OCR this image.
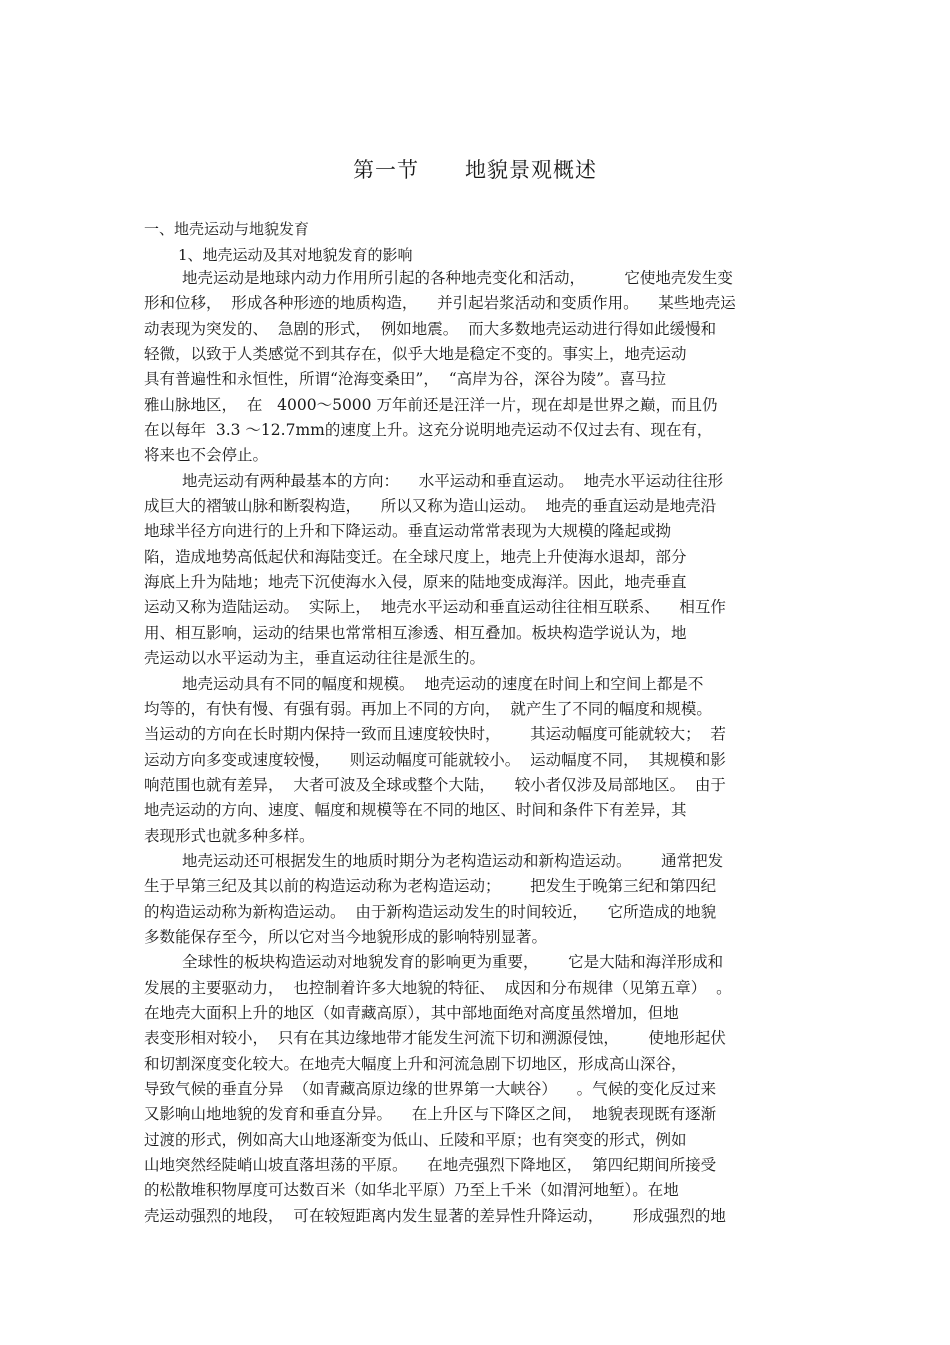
第一节      地貌景观概述
一、地壳运动与地貌发育
1、地壳运动及其对地貌发育的影响
地壳运动是地球内动力作用所引起的各种地壳变化和活动，        它使地壳发生变
形和位移，  形成各种形迹的地质构造，    并引起岩浆活动和变质作用。    某些地壳运
动表现为突发的、  急剧的形式，  例如地震。  而大多数地壳运动进行得如此缓慢和
轻微，以致于人类感觉不到其存在，似乎大地是稳定不变的。事实上，地壳运动
具有普遍性和永恒性，所谓“沧海变桑田”，  “高岸为谷，深谷为陵”。喜马拉
雅山脉地区，  在   4000～5000 万年前还是汪洋一片，现在却是世界之巅，而且仍
在以每年  3.3 ～12.7mm的速度上升。这充分说明地壳运动不仅过去有、现在有，
将来也不会停止。
地壳运动有两种最基本的方向：    水平运动和垂直运动。  地壳水平运动往往形
成巨大的褶皱山脉和断裂构造，    所以又称为造山运动。  地壳的垂直运动是地壳沿
地球半径方向进行的上升和下降运动。垂直运动常常表现为大规模的隆起或拗
陷，造成地势高低起伏和海陆变迁。在全球尺度上，地壳上升使海水退却，部分
海底上升为陆地；地壳下沉使海水入侵，原来的陆地变成海洋。因此，地壳垂直
运动又称为造陆运动。  实际上，  地壳水平运动和垂直运动往往相互联系、    相互作
用、相互影响，运动的结果也常常相互渗透、相互叠加。板块构造学说认为，地
壳运动以水平运动为主，垂直运动往往是派生的。
地壳运动具有不同的幅度和规模。  地壳运动的速度在时间上和空间上都是不
均等的，有快有慢、有强有弱。再加上不同的方向，  就产生了不同的幅度和规模。
当运动的方向在长时期内保持一致而且速度较快时，      其运动幅度可能就较大；  若
运动方向多变或速度较慢，    则运动幅度可能就较小。  运动幅度不同，  其规模和影
响范围也就有差异，  大者可波及全球或整个大陆，    较小者仅涉及局部地区。  由于
地壳运动的方向、速度、幅度和规模等在不同的地区、时间和条件下有差异，其
表现形式也就多种多样。
地壳运动还可根据发生的地质时期分为老构造运动和新构造运动。      通常把发
生于早第三纪及其以前的构造运动称为老构造运动；      把发生于晚第三纪和第四纪
的构造运动称为新构造运动。  由于新构造运动发生的时间较近，    它所造成的地貌
多数能保存至今，所以它对当今地貌形成的影响特别显著。
全球性的板块构造运动对地貌发育的影响更为重要，      它是大陆和海洋形成和
发展的主要驱动力，  也控制着许多大地貌的特征、  成因和分布规律（见第五章）  。
在地壳大面积上升的地区（如青藏高原），其中部地面绝对高度虽然增加，但地
表变形相对较小，  只有在其边缘地带才能发生河流下切和溯源侵蚀，      使地形起伏
和切割深度变化较大。在地壳大幅度上升和河流急剧下切地区，形成高山深谷，
导致气候的垂直分异  （如青藏高原边缘的世界第一大峡谷）    。气候的变化反过来
又影响山地地貌的发育和垂直分异。    在上升区与下降区之间，  地貌表现既有逐渐
过渡的形式，例如高大山地逐渐变为低山、丘陵和平原；也有突变的形式，例如
山地突然经陡峭山坡直落坦荡的平原。    在地壳强烈下降地区，  第四纪期间所接受
的松散堆积物厚度可达数百米（如华北平原）乃至上千米（如渭河地堑）。在地
壳运动强烈的地段，  可在较短距离内发生显著的差异性升降运动，      形成强烈的地
